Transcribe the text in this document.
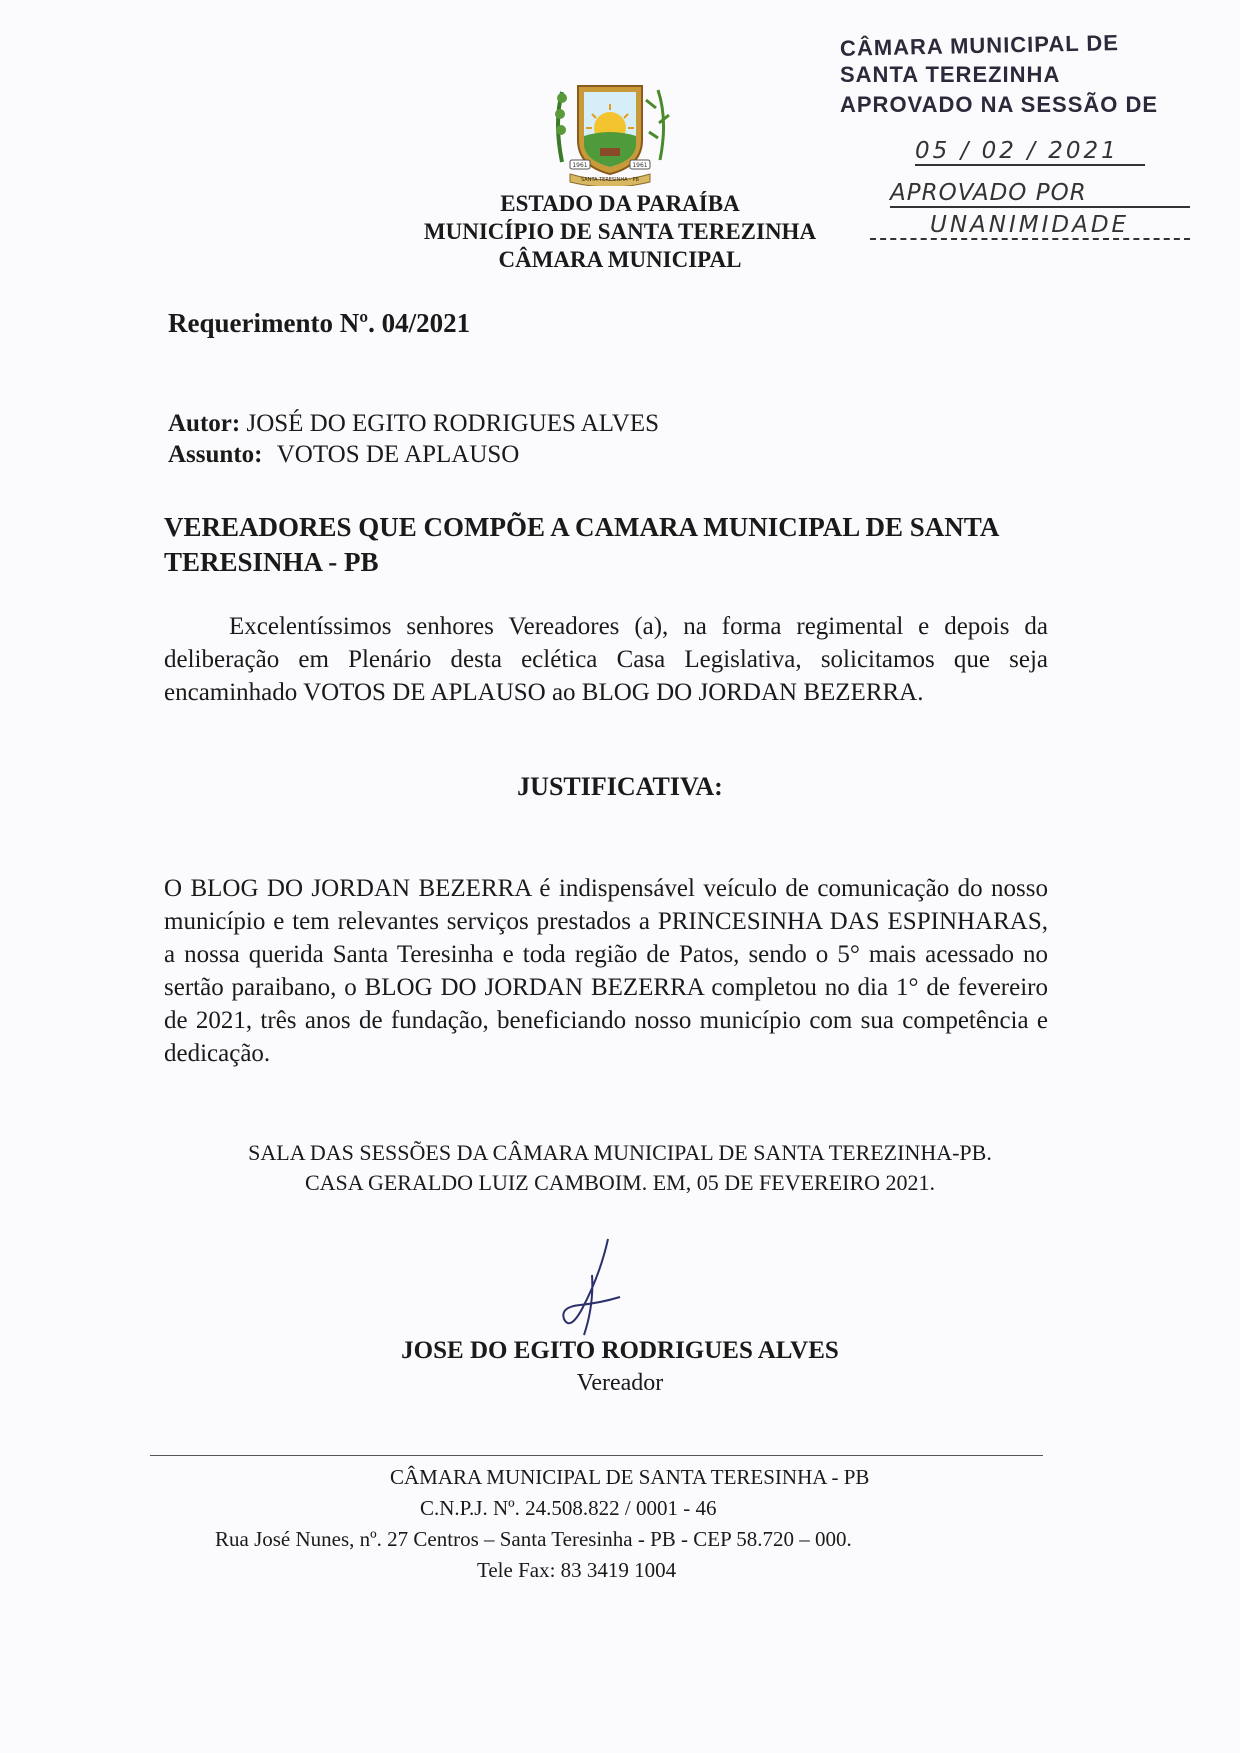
1961	1961
SANTA TERESINHA - PB
CÂMARA MUNICIPAL DE
SANTA TEREZINHA
APROVADO NA SESSÃO DE
05 / 02 / 2021
APROVADO POR
UNANIMIDADE
ESTADO DA PARAÍBA
MUNICÍPIO DE SANTA TEREZINHA
CÂMARA MUNICIPAL
Requerimento Nº. 04/2021
Autor: JOSÉ DO EGITO RODRIGUES ALVES
Assunto: VOTOS DE APLAUSO
VEREADORES QUE COMPÕE A CAMARA MUNICIPAL DE SANTA TERESINHA - PB
Excelentíssimos senhores Vereadores (a), na forma regimental e depois da deliberação em Plenário desta eclética Casa Legislativa, solicitamos que seja encaminhado VOTOS DE APLAUSO ao BLOG DO JORDAN BEZERRA.
JUSTIFICATIVA:
O BLOG DO JORDAN BEZERRA é indispensável veículo de comunicação do nosso município e tem relevantes serviços prestados a PRINCESINHA DAS ESPINHARAS, a nossa querida Santa Teresinha e toda região de Patos, sendo o 5° mais acessado no sertão paraibano, o BLOG DO JORDAN BEZERRA completou no dia 1° de fevereiro de 2021, três anos de fundação, beneficiando nosso município com sua competência e dedicação.
SALA DAS SESSÕES DA CÂMARA MUNICIPAL DE SANTA TEREZINHA-PB.
CASA GERALDO LUIZ CAMBOIM. EM, 05 DE FEVEREIRO 2021.
JOSE DO EGITO RODRIGUES ALVES
Vereador
CÂMARA MUNICIPAL DE SANTA TERESINHA - PB
C.N.P.J. Nº. 24.508.822 / 0001 - 46
Rua José Nunes, nº. 27 Centros – Santa Teresinha - PB - CEP 58.720 – 000.
Tele Fax: 83 3419 1004
